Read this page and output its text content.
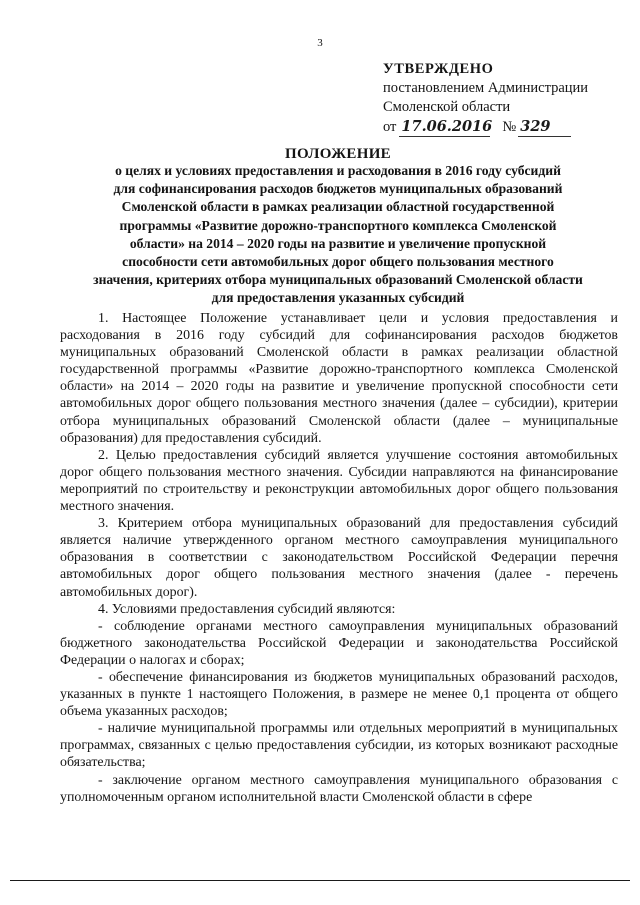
3
УТВЕРЖДЕНО
постановлением Администрации
Смоленской области
от 17.06.2016 № 329
ПОЛОЖЕНИЕ
о целях и условиях предоставления и расходования в 2016 году субсидий
для софинансирования расходов бюджетов муниципальных образований
Смоленской области в рамках реализации областной государственной
программы «Развитие дорожно-транспортного комплекса Смоленской
области» на 2014 – 2020 годы на развитие и увеличение пропускной
способности сети автомобильных дорог общего пользования местного
значения, критериях отбора муниципальных образований Смоленской области
для предоставления указанных субсидий

1. Настоящее Положение устанавливает цели и условия предоставления и расходования в 2016 году субсидий для софинансирования расходов бюджетов муниципальных образований Смоленской области в рамках реализации областной государственной программы «Развитие дорожно-транспортного комплекса Смоленской области» на 2014 – 2020 годы на развитие и увеличение пропускной способности сети автомобильных дорог общего пользования местного значения (далее – субсидии), критерии отбора муниципальных образований Смоленской области (далее – муниципальные образования) для предоставления субсидий.

2. Целью предоставления субсидий является улучшение состояния автомобильных дорог общего пользования местного значения. Субсидии направляются на финансирование мероприятий по строительству и реконструкции автомобильных дорог общего пользования местного значения.

3. Критерием отбора муниципальных образований для предоставления субсидий является наличие утвержденного органом местного самоуправления муниципального образования в соответствии с законодательством Российской Федерации перечня автомобильных дорог общего пользования местного значения (далее - перечень автомобильных дорог).

4. Условиями предоставления субсидий являются:

- соблюдение органами местного самоуправления муниципальных образований бюджетного законодательства Российской Федерации и законодательства Российской Федерации о налогах и сборах;

- обеспечение финансирования из бюджетов муниципальных образований расходов, указанных в пункте 1 настоящего Положения, в размере не менее 0,1 процента от общего объема указанных расходов;

- наличие муниципальной программы или отдельных мероприятий в муниципальных программах, связанных с целью предоставления субсидии, из которых возникают расходные обязательства;

- заключение органом местного самоуправления муниципального образования с уполномоченным органом исполнительной власти Смоленской области в сфере
